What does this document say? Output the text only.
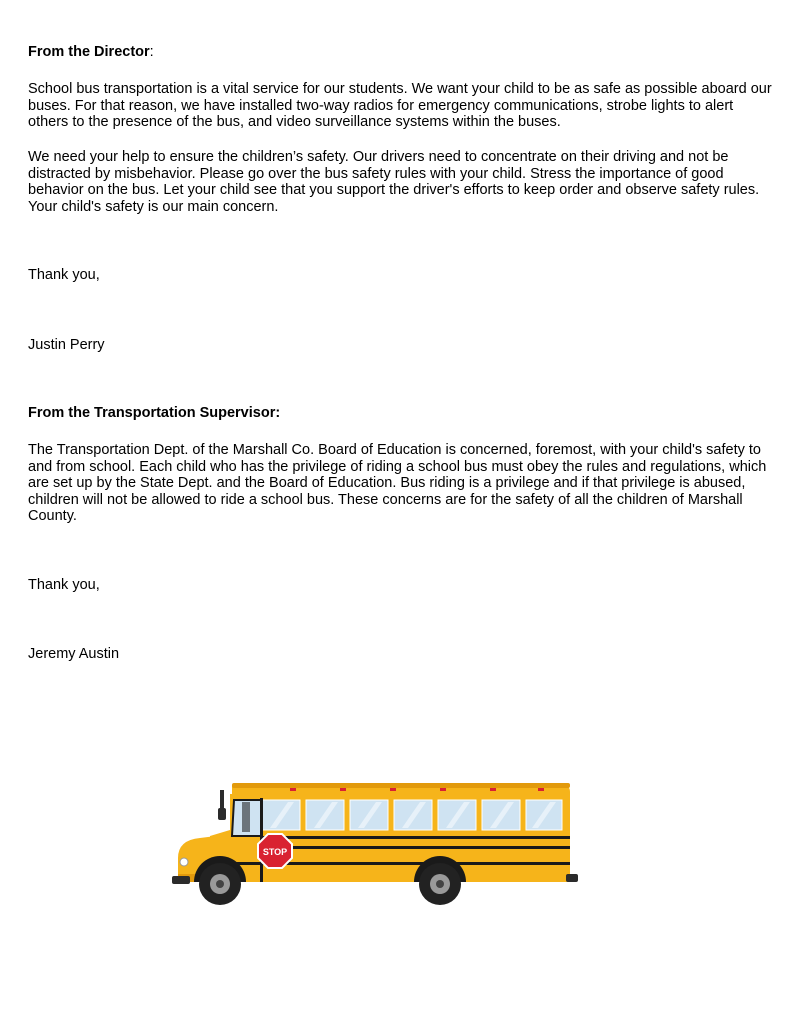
From the Director:

School bus transportation is a vital service for our students. We want your child to be as safe as possible aboard our buses. For that reason, we have installed two-way radios for emergency communications, strobe lights to alert others to the presence of the bus, and video surveillance systems within the buses.

We need your help to ensure the children’s safety. Our drivers need to concentrate on their driving and not be distracted by misbehavior. Please go over the bus safety rules with your child. Stress the importance of good behavior on the bus. Let your child see that you support the driver's efforts to keep order and observe safety rules. Your child's safety is our main concern.

Thank you,
Justin Perry
From the Transportation Supervisor:

The Transportation Dept. of the Marshall Co. Board of Education is concerned, foremost, with your child's safety to and from school. Each child who has the privilege of riding a school bus must obey the rules and regulations, which are set up by the State Dept. and the Board of Education. Bus riding is a privilege and if that privilege is abused, children will not be allowed to ride a school bus. These concerns are for the safety of all the children of Marshall County.

Thank you,
Jeremy Austin
STOP
